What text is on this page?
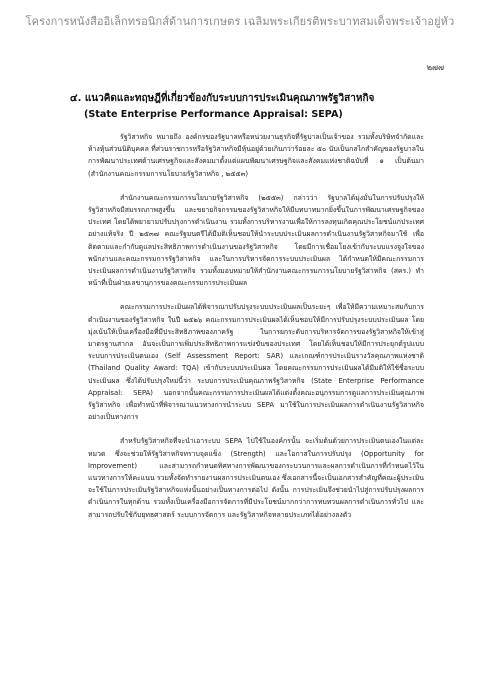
โครงการหนังสืออิเล็กทรอนิกส์ด้านการเกษตร เฉลิมพระเกียรติพระบาทสมเด็จพระเจ้าอยู่หัว
๒๗๗
๔. แนวคิดและทฤษฎีที่เกี่ยวข้องกับระบบการประเมินคุณภาพรัฐวิสาหกิจ
(State Enterprise Performance Appraisal: SEPA)

รัฐวิสาหกิจ หมายถึง องค์กรของรัฐบาลหรือหน่วยงานธุรกิจที่รัฐบาลเป็นเจ้าของ รวมทั้งบริษัทจำกัดและห้างหุ้นส่วนนิติบุคคล ที่ส่วนราชการหรือรัฐวิสาหกิจมีหุ้นอยู่ด้วยเกินกว่าร้อยละ ๕๐ นับเป็นกลไกสำคัญของรัฐบาลในการพัฒนาประเทศด้านเศรษฐกิจและสังคมมาตั้งแต่แผนพัฒนาเศรษฐกิจและสังคมแห่งชาติฉบับที่ ๑ เป็นต้นมา (สำนักงานคณะกรรมการนโยบายรัฐวิสาหกิจ , ๒๕๕๓)

สำนักงานคณะกรรมการนโยบายรัฐวิสาหกิจ (๒๕๕๓) กล่าวว่า รัฐบาลได้มุ่งมั่นในการปรับปรุงให้รัฐวิสาหกิจมีสมรรถภาพสูงขึ้น และขยายกิจกรรมของรัฐวิสาหกิจให้มีบทบาทมากยิ่งขึ้นในการพัฒนาเศรษฐกิจของประเทศ โดยได้พยายามปรับปรุงการดำเนินงาน รวมทั้งการบริหารงานเพื่อให้การลงทุนเกิดคุณประโยชน์แก่ประเทศอย่างแท้จริง ปี ๒๕๓๗ คณะรัฐมนตรีได้มีมติเห็นชอบให้นำระบบประเมินผลการดำเนินงานรัฐวิสาหกิจมาใช้ เพื่อติดตามและกำกับดูแลประสิทธิภาพการดำเนินงานของรัฐวิสาหกิจ โดยมีการเชื่อมโยงเข้ากับระบบแรงจูงใจของพนักงานและคณะกรรมการรัฐวิสาหกิจ และในการบริหารจัดการระบบประเมินผล ได้กำหนดให้มีคณะกรรมการประเมินผลการดำเนินงานรัฐวิสาหกิจ รวมทั้งมอบหมายให้สำนักงานคณะกรรมการนโยบายรัฐวิสาหกิจ (สคร.) ทำหน้าที่เป็นฝ่ายเลขานุการของคณะกรรมการประเมินผล

คณะกรรมการประเมินผลได้พิจารณาปรับปรุงระบบประเมินผลเป็นระยะๆ เพื่อให้มีความเหมาะสมกับการดำเนินงานของรัฐวิสาหกิจ ในปี ๒๕๒๖ คณะกรรมการประเมินผลได้เห็นชอบให้มีการปรับปรุงระบบประเมินผล โดยมุ่งเน้นให้เป็นเครื่องมือที่มีประสิทธิภาพของภาครัฐ ในการยกระดับการบริหารจัดการของรัฐวิสาหกิจให้เข้าสู่มาตรฐานสากล อันจะเป็นการเพิ่มประสิทธิภาพการแข่งขันของประเทศ โดยได้เห็นชอบให้มีการประยุกต์รูปแบบระบบการประเมินตนเอง (Self Assessment Report: SAR) และเกณฑ์การประเมินรางวัลคุณภาพแห่งชาติ (Thailand Quality Award: TQA) เข้ากับระบบประเมินผล โดยคณะกรรมการประเมินผลได้มีมติให้ใช้ชื่อระบบประเมินผล ซึ่งได้ปรับปรุงใหม่นี้ว่า ระบบการประเมินคุณภาพรัฐวิสาหกิจ (State Enterprise Performance Appraisal: SEPA) นอกจากนั้นคณะกรรมการประเมินผลได้แต่งตั้งคณะอนุกรรมการดูแลการประเมินคุณภาพรัฐวิสาหกิจ เพื่อทำหน้าที่พิจารณาแนวทางการนำระบบ SEPA มาใช้ในการประเมินผลการดำเนินงานรัฐวิสาหกิจอย่างเป็นทางการ

สำหรับรัฐวิสาหกิจที่จะนำเอาระบบ SEPA ไปใช้ในองค์กรนั้น จะเริ่มต้นด้วยการประเมินตนเองในแต่ละหมวด ซึ่งจะช่วยให้รัฐวิสาหกิจทราบจุดแข็ง (Strength) และโอกาสในการปรับปรุง (Opportunity for Improvement) และสามารถกำหนดทิศทางการพัฒนาของกระบวนการและผลการดำเนินการที่กำหนดไว้ในแนวทางการให้คะแนน รวมทั้งจัดทำรายงานผลการประเมินตนเอง ซึ่งเอกสารนี้จะเป็นเอกสารสำคัญที่คณะผู้ประเมินจะใช้ในการประเมินรัฐวิสาหกิจแห่งนั้นอย่างเป็นทางการต่อไป ดังนั้น การประเมินจึงช่วยนำไปสู่การปรับปรุงผลการดำเนินการในทุกด้าน รวมทั้งเป็นเครื่องมือการจัดการที่มีประโยชน์มากกว่าการทบทวนผลการดำเนินการทั่วไป และสามารถปรับใช้กับยุทธศาสตร์ ระบบการจัดการ และรัฐวิสาหกิจหลายประเภทได้อย่างลงตัว
